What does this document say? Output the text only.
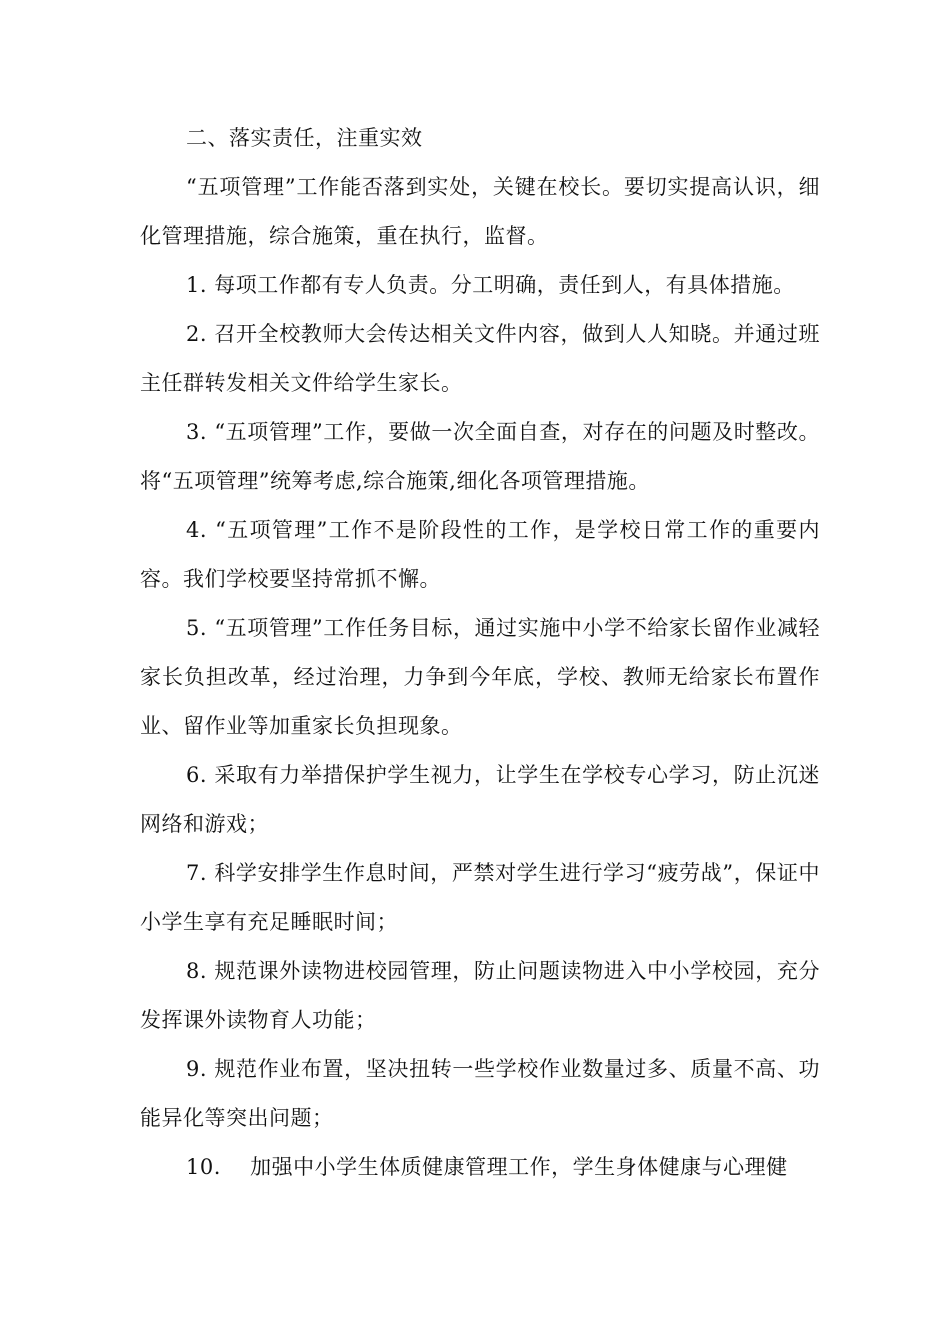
二、落实责任，注重实效

“五项管理”工作能否落到实处，关键在校长。要切实提高认识，细化管理措施，综合施策，重在执行，监督。

1. 每项工作都有专人负责。分工明确，责任到人，有具体措施。

2. 召开全校教师大会传达相关文件内容，做到人人知晓。并通过班主任群转发相关文件给学生家长。

3. “五项管理”工作，要做一次全面自查，对存在的问题及时整改。将“五项管理”统筹考虑,综合施策,细化各项管理措施。

4. “五项管理”工作不是阶段性的工作，是学校日常工作的重要内容。我们学校要坚持常抓不懈。

5. “五项管理”工作任务目标，通过实施中小学不给家长留作业减轻家长负担改革，经过治理，力争到今年底，学校、教师无给家长布置作业、留作业等加重家长负担现象。

6. 采取有力举措保护学生视力，让学生在学校专心学习，防止沉迷网络和游戏；

7. 科学安排学生作息时间，严禁对学生进行学习“疲劳战”，保证中小学生享有充足睡眠时间；

8. 规范课外读物进校园管理，防止问题读物进入中小学校园，充分发挥课外读物育人功能；

9. 规范作业布置，坚决扭转一些学校作业数量过多、质量不高、功能异化等突出问题；

10. 加强中小学生体质健康管理工作，学生身体健康与心理健
